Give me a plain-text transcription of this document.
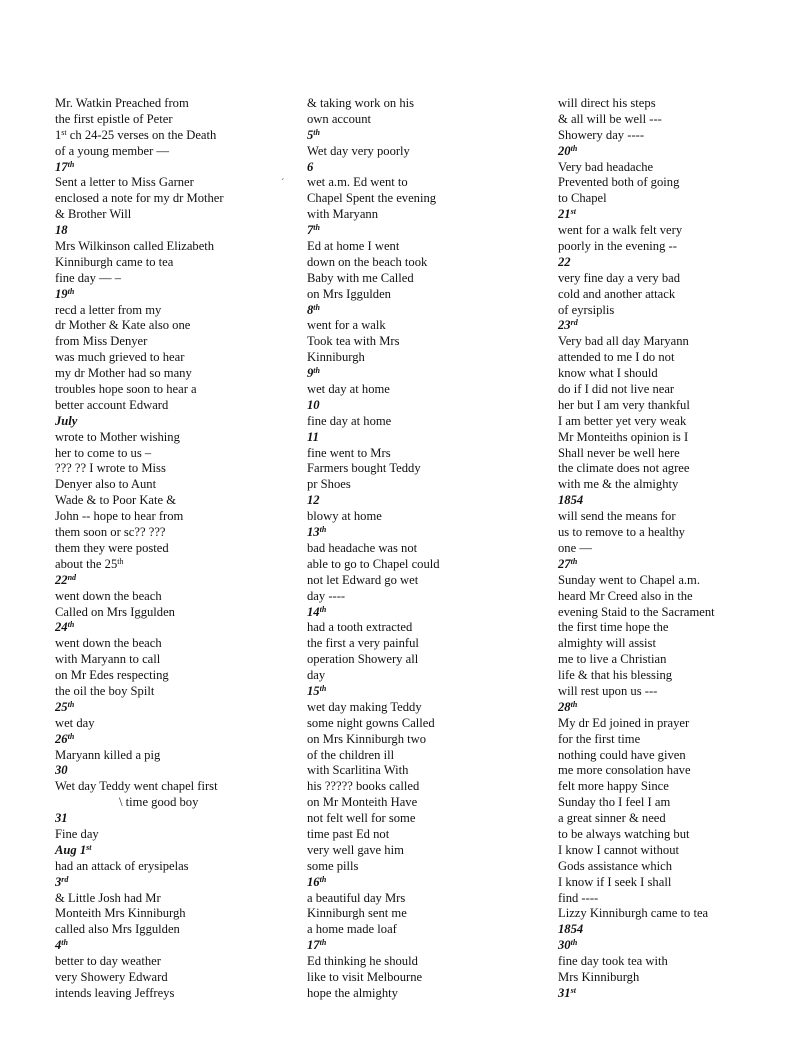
Mr. Watkin Preached from
the first epistle of Peter
1st ch 24-25 verses on the Death
of a young member —
17th
Sent a letter to Miss Garner
enclosed a note for my dr Mother
& Brother Will
18
Mrs Wilkinson called Elizabeth
Kinniburgh came to tea
fine day — –
19th
recd a letter from my
dr Mother & Kate also one
from Miss Denyer
was much grieved to hear
my dr Mother had so many
troubles hope soon to hear a
better account Edward
July
wrote to Mother wishing
her to come to us –
??? ?? I wrote to Miss
Denyer also to Aunt
Wade & to Poor Kate &
John -- hope to hear from
them soon or sc?? ???
them they were posted
about the 25th
22nd
went down the beach
Called on Mrs Iggulden
24th
went down the beach
with Maryann to call
on Mr Edes respecting
the oil the boy Spilt
25th
wet day
26th
Maryann killed a pig
30
Wet day Teddy went chapel first
\ time good boy
31
Fine day
Aug 1st
had an attack of erysipelas
3rd
& Little Josh had Mr
Monteith Mrs Kinniburgh
called also Mrs Iggulden
4th
better to day weather
very Showery Edward
intends leaving Jeffreys
& taking work on his
own account
5th
Wet day very poorly
6
wet a.m. Ed went to
Chapel Spent the evening
with Maryann
7th
Ed at home I went
down on the beach took
Baby with me Called
on Mrs Iggulden
8th
went for a walk
Took tea with Mrs
Kinniburgh
9th
wet day at home
10
fine day at home
11
fine went to Mrs
Farmers bought Teddy
pr Shoes
12
blowy at home
13th
bad headache was not
able to go to Chapel could
not let Edward go wet
day ----
14th
had a tooth extracted
the first a very painful
operation Showery all
day
15th
wet day making Teddy
some night gowns Called
on Mrs Kinniburgh two
of the children ill
with Scarlitina With
his ????? books called
on Mr Monteith Have
not felt well for some
time past Ed not
very well gave him
some pills
16th
a beautiful day Mrs
Kinniburgh sent me
a home made loaf
17th
Ed thinking he should
like to visit Melbourne
hope the almighty
will direct his steps
& all will be well ---
Showery day ----
20th
Very bad headache
Prevented both of going
to Chapel
21st
went for a walk felt very
poorly in the evening --
22
very fine day a very bad
cold and another attack
of eyrsiplis
23rd
Very bad all day Maryann
attended to me I do not
know what I should
do if I did not live near
her but I am very thankful
I am better yet very weak
Mr Monteiths opinion is I
Shall never be well here
the climate does not agree
with me & the almighty
1854
will send the means for
us to remove to a healthy
one —
27th
Sunday went to Chapel a.m.
heard Mr Creed also in the
evening Staid to the Sacrament
the first time hope the
almighty will assist
me to live a Christian
life & that his blessing
will rest upon us ---
28th
My dr Ed joined in prayer
for the first time
nothing could have given
me more consolation have
felt more happy Since
Sunday tho I feel I am
a great sinner & need
to be always watching but
I know I cannot without
Gods assistance which
I know if I seek I shall
find ----
Lizzy Kinniburgh came to tea
1854
30th
fine day took tea with
Mrs Kinniburgh
31st
ˊ
